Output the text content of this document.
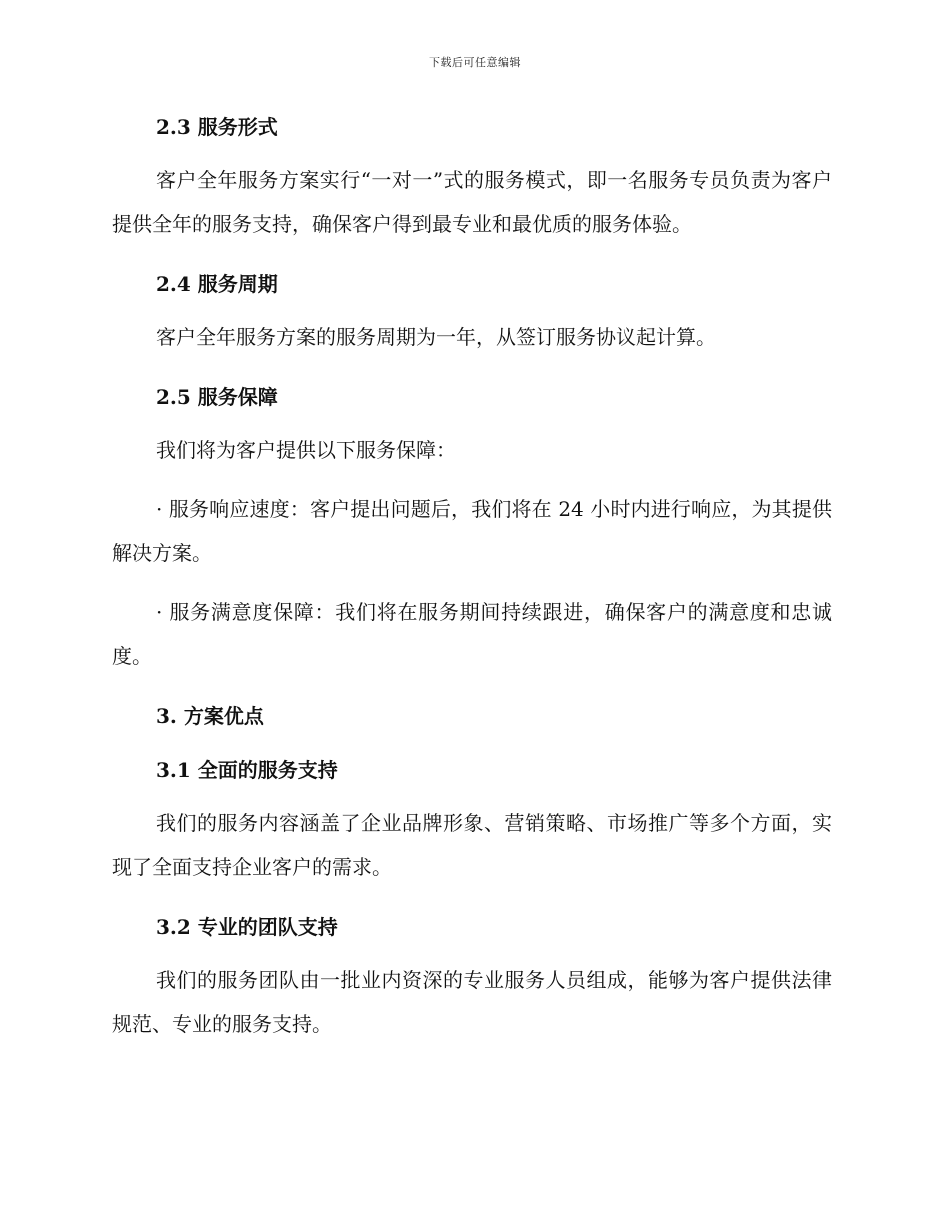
下载后可任意编辑
2.3 服务形式

客户全年服务方案实行“一对一”式的服务模式，即一名服务专员负责为客户提供全年的服务支持，确保客户得到最专业和最优质的服务体验。

2.4 服务周期

客户全年服务方案的服务周期为一年，从签订服务协议起计算。

2.5 服务保障

我们将为客户提供以下服务保障：

· 服务响应速度：客户提出问题后，我们将在 24 小时内进行响应，为其提供解决方案。

· 服务满意度保障：我们将在服务期间持续跟进，确保客户的满意度和忠诚度。

3. 方案优点
3.1 全面的服务支持

我们的服务内容涵盖了企业品牌形象、营销策略、市场推广等多个方面，实现了全面支持企业客户的需求。

3.2 专业的团队支持

我们的服务团队由一批业内资深的专业服务人员组成，能够为客户提供法律规范、专业的服务支持。
